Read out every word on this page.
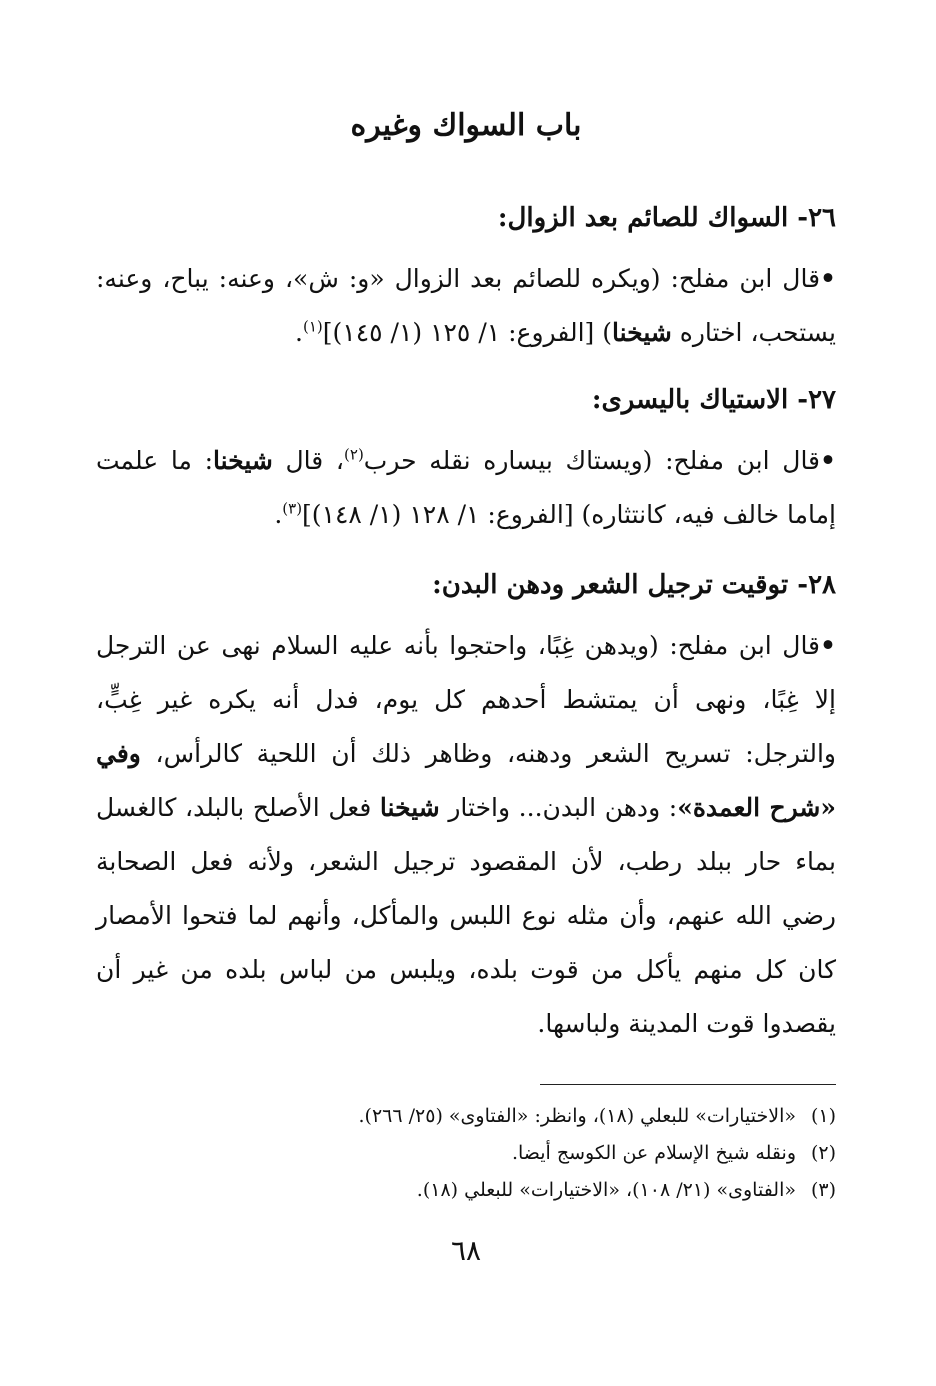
باب السواك وغيره

٢٦- السواك للصائم بعد الزوال:

•قال ابن مفلح: (ويكره للصائم بعد الزوال «و: ش»، وعنه: يباح، وعنه: يستحب، اختاره شيخنا) [الفروع: ١/ ١٢٥ (١/ ١٤٥)]$^{(١)}$.

٢٧- الاستياك باليسرى:

•قال ابن مفلح: (ويستاك بيساره نقله حرب$^{(٢)}$، قال شيخنا: ما علمت إماما خالف فيه، كانتثاره) [الفروع: ١/ ١٢٨ (١/ ١٤٨)]$^{(٣)}$.

٢٨- توقيت ترجيل الشعر ودهن البدن:

•قال ابن مفلح: (ويدهن غِبًا، واحتجوا بأنه عليه السلام نهى عن الترجل إلا غِبًا، ونهى أن يمتشط أحدهم كل يوم، فدل أنه يكره غير غِبٍّ، والترجل: تسريح الشعر ودهنه، وظاهر ذلك أن اللحية كالرأس، وفي «شرح العمدة»: ودهن البدن... واختار شيخنا فعل الأصلح بالبلد، كالغسل بماء حار ببلد رطب، لأن المقصود ترجيل الشعر، ولأنه فعل الصحابة رضي الله عنهم، وأن مثله نوع اللبس والمأكل، وأنهم لما فتحوا الأمصار كان كل منهم يأكل من قوت بلده، ويلبس من لباس بلده من غير أن يقصدوا قوت المدينة ولباسها.

(١)«الاختيارات» للبعلي (١٨)، وانظر: «الفتاوى» (٢٥/ ٢٦٦).
(٢)ونقله شيخ الإسلام عن الكوسج أيضا.
(٣)«الفتاوى» (٢١/ ١٠٨)، «الاختيارات» للبعلي (١٨).
٦٨
